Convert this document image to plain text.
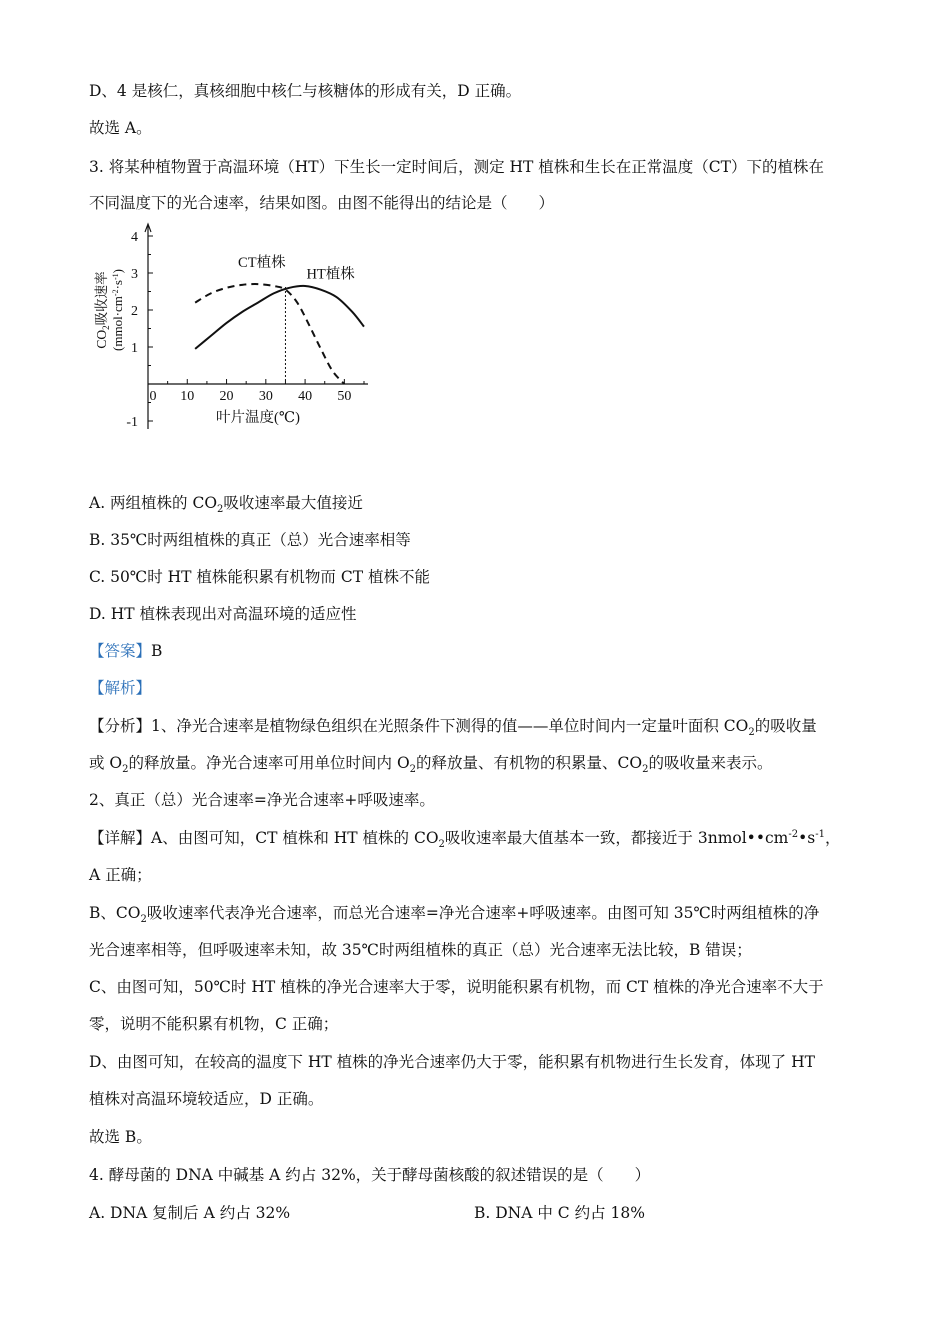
D、4 是核仁，真核细胞中核仁与核糖体的形成有关，D 正确。
故选 A。
3. 将某种植物置于高温环境（HT）下生长一定时间后，测定 HT 植株和生长在正常温度（CT）下的植株在
不同温度下的光合速率，结果如图。由图不能得出的结论是（　　）
0 10 20 30 40 50
4
3
2
1
-1
CT植株
HT植株
叶片温度(℃)
$CO_2$吸收速率 $(mmol\cdot cm^{-2}\cdot s^{-1})$
A. 两组植株的 $CO_2$吸收速率最大值接近
B. 35℃时两组植株的真正（总）光合速率相等
C. 50℃时 HT 植株能积累有机物而 CT 植株不能
D. HT 植株表现出对高温环境的适应性
【答案】B
【解析】
【分析】1、净光合速率是植物绿色组织在光照条件下测得的值——单位时间内一定量叶面积 $CO_2$的吸收量
或 $O_2$的释放量。净光合速率可用单位时间内 $O_2$的释放量、有机物的积累量、$CO_2$的吸收量来表示。
2、真正（总）光合速率=净光合速率+呼吸速率。
【详解】A、由图可知，CT 植株和 HT 植株的 $CO_2$吸收速率最大值基本一致，都接近于 $3nmol••cm^{-2}•s^{-1}$，
A 正确；
B、$CO_2$吸收速率代表净光合速率，而总光合速率=净光合速率+呼吸速率。由图可知 35℃时两组植株的净
光合速率相等，但呼吸速率未知，故 35℃时两组植株的真正（总）光合速率无法比较，B 错误；
C、由图可知，50℃时 HT 植株的净光合速率大于零，说明能积累有机物，而 CT 植株的净光合速率不大于
零，说明不能积累有机物，C 正确；
D、由图可知，在较高的温度下 HT 植株的净光合速率仍大于零，能积累有机物进行生长发育，体现了 HT
植株对高温环境较适应，D 正确。
故选 B。
4. 酵母菌的 DNA 中碱基 A 约占 32%，关于酵母菌核酸的叙述错误的是（　　）
A. DNA 复制后 A 约占 32%	B. DNA 中 C 约占 18%
